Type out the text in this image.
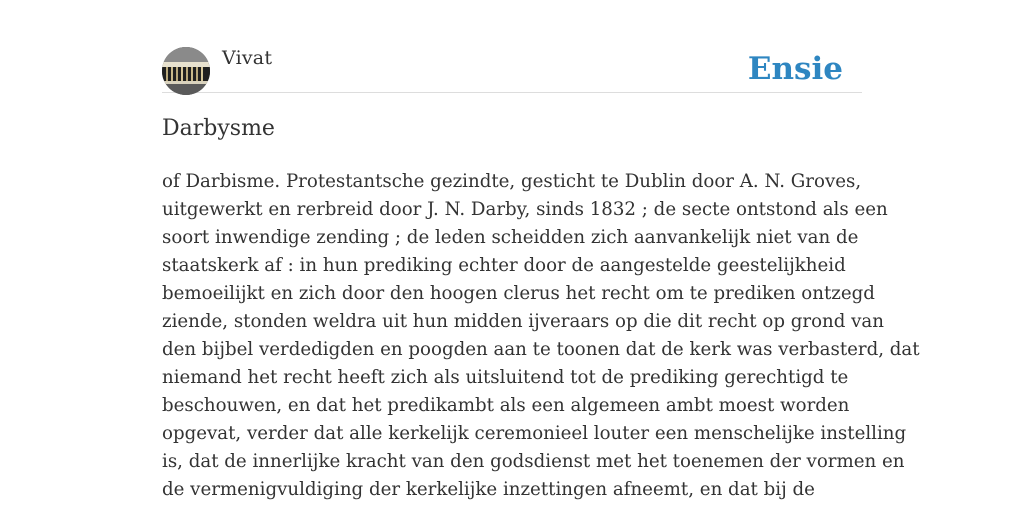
Vivat	Ensie
Darbysme

of Darbisme. Protestantsche gezindte, gesticht te Dublin door A. N. Groves,
uitgewerkt en rerbreid door J. N. Darby, sinds 1832 ; de secte ontstond als een
soort inwendige zending ; de leden scheidden zich aanvankelijk niet van de
staatskerk af : in hun prediking echter door de aangestelde geestelijkheid
bemoeilijkt en zich door den hoogen clerus het recht om te prediken ontzegd
ziende, stonden weldra uit hun midden ijveraars op die dit recht op grond van
den bijbel verdedigden en poogden aan te toonen dat de kerk was verbasterd, dat
niemand het recht heeft zich als uitsluitend tot de prediking gerechtigd te
beschouwen, en dat het predikambt als een algemeen ambt moest worden
opgevat, verder dat alle kerkelijk ceremonieel louter een menschelijke instelling
is, dat de innerlijke kracht van den godsdienst met het toenemen der vormen en
de vermenigvuldiging der kerkelijke inzettingen afneemt, en dat bij de
